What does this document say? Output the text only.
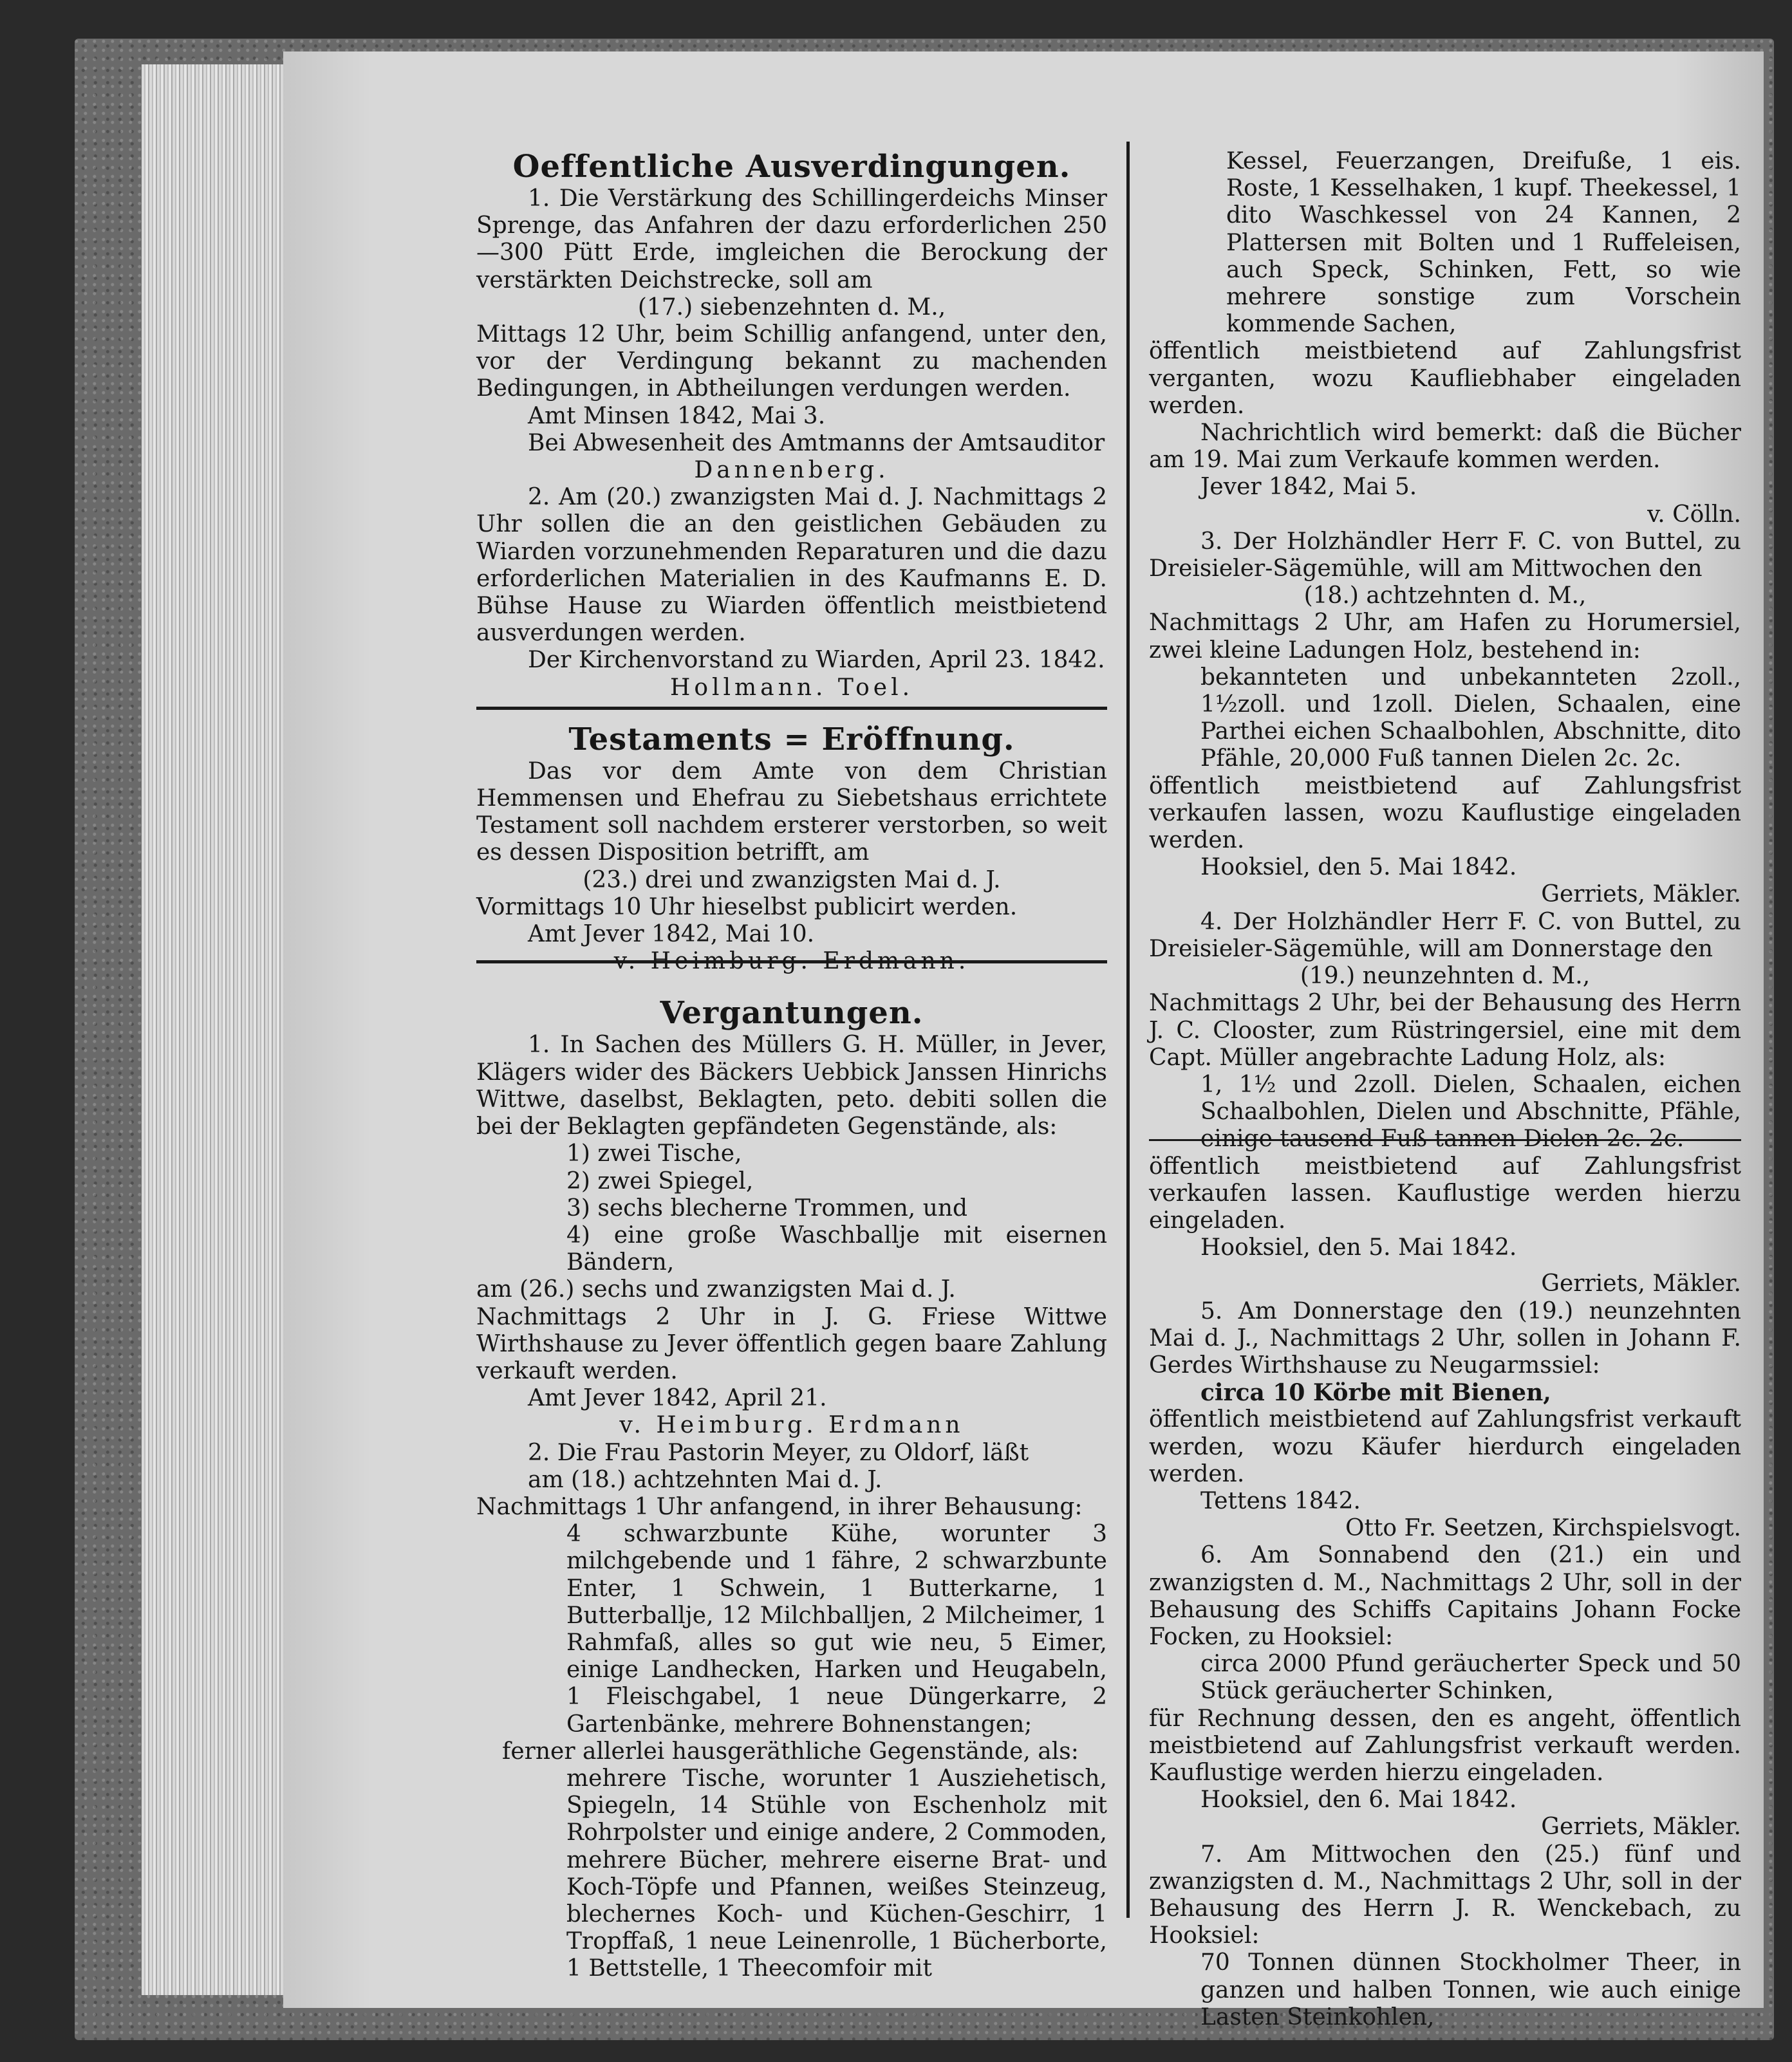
Oeffentliche Ausverdingungen.

1. Die Verstärkung des Schillingerdeichs Minser Sprenge, das Anfahren der dazu erforderlichen 250—300 Pütt Erde, imgleichen die Berockung der verstärkten Deichstrecke, soll am

(17.) siebenzehnten d. M.,

Mittags 12 Uhr, beim Schillig anfangend, unter den, vor der Verdingung bekannt zu machenden Bedingungen, in Abtheilungen verdungen werden.

Amt Minsen 1842, Mai 3.

Bei Abwesenheit des Amtmanns der Amtsauditor

Dannenberg.

2. Am (20.) zwanzigsten Mai d. J. Nachmittags 2 Uhr sollen die an den geistlichen Gebäuden zu Wiarden vorzunehmenden Reparaturen und die dazu erforderlichen Materialien in des Kaufmanns E. D. Bühse Hause zu Wiarden öffentlich meistbietend ausverdungen werden.

Der Kirchenvorstand zu Wiarden, April 23. 1842.

Hollmann. Toel.

Testaments = Eröffnung.

Das vor dem Amte von dem Christian Hemmensen und Ehefrau zu Siebetshaus errichtete Testament soll nachdem ersterer verstorben, so weit es dessen Disposition betrifft, am

(23.) drei und zwanzigsten Mai d. J.

Vormittags 10 Uhr hieselbst publicirt werden.

Amt Jever 1842, Mai 10.

v. Heimburg. Erdmann.

Vergantungen.

1. In Sachen des Müllers G. H. Müller, in Jever, Klägers wider des Bäckers Uebbick Janssen Hinrichs Wittwe, daselbst, Beklagten, peto. debiti sollen die bei der Beklagten gepfändeten Gegenstände, als:

1) zwei Tische,

2) zwei Spiegel,

3) sechs blecherne Trommen, und

4) eine große Waschballje mit eisernen Bändern,

am (26.) sechs und zwanzigsten Mai d. J.

Nachmittags 2 Uhr in J. G. Friese Wittwe Wirthshause zu Jever öffentlich gegen baare Zahlung verkauft werden.

Amt Jever 1842, April 21.

v. Heimburg. Erdmann

2. Die Frau Pastorin Meyer, zu Oldorf, läßt

am (18.) achtzehnten Mai d. J.

Nachmittags 1 Uhr anfangend, in ihrer Behausung:

4 schwarzbunte Kühe, worunter 3 milchgebende und 1 fähre, 2 schwarzbunte Enter, 1 Schwein, 1 Butterkarne, 1 Butterballje, 12 Milchballjen, 2 Milcheimer, 1 Rahmfaß, alles so gut wie neu, 5 Eimer, einige Landhecken, Harken und Heugabeln, 1 Fleischgabel, 1 neue Düngerkarre, 2 Gartenbänke, mehrere Bohnenstangen;

ferner allerlei hausgeräthliche Gegenstände, als:

mehrere Tische, worunter 1 Ausziehetisch, Spiegeln, 14 Stühle von Eschenholz mit Rohrpolster und einige andere, 2 Commoden, mehrere Bücher, mehrere eiserne Brat- und Koch-Töpfe und Pfannen, weißes Steinzeug, blechernes Koch- und Küchen-Geschirr, 1 Tropffaß, 1 neue Leinenrolle, 1 Bücherborte, 1 Bettstelle, 1 Theecomfoir mit

Kessel, Feuerzangen, Dreifuße, 1 eis. Roste, 1 Kesselhaken, 1 kupf. Theekessel, 1 dito Waschkessel von 24 Kannen, 2 Plattersen mit Bolten und 1 Ruffeleisen, auch Speck, Schinken, Fett, so wie mehrere sonstige zum Vorschein kommende Sachen,

öffentlich meistbietend auf Zahlungsfrist verganten, wozu Kaufliebhaber eingeladen werden.

Nachrichtlich wird bemerkt: daß die Bücher am 19. Mai zum Verkaufe kommen werden.

Jever 1842, Mai 5.

v. Cölln.

3. Der Holzhändler Herr F. C. von Buttel, zu Dreisieler-Sägemühle, will am Mittwochen den

(18.) achtzehnten d. M.,

Nachmittags 2 Uhr, am Hafen zu Horumersiel, zwei kleine Ladungen Holz, bestehend in:

bekannteten und unbekannteten 2zoll., 1½zoll. und 1zoll. Dielen, Schaalen, eine Parthei eichen Schaalbohlen, Abschnitte, dito Pfähle, 20,000 Fuß tannen Dielen 2c. 2c.

öffentlich meistbietend auf Zahlungsfrist verkaufen lassen, wozu Kauflustige eingeladen werden.

Hooksiel, den 5. Mai 1842.

Gerriets, Mäkler.

4. Der Holzhändler Herr F. C. von Buttel, zu Dreisieler-Sägemühle, will am Donnerstage den

(19.) neunzehnten d. M.,

Nachmittags 2 Uhr, bei der Behausung des Herrn J. C. Clooster, zum Rüstringersiel, eine mit dem Capt. Müller angebrachte Ladung Holz, als:

1, 1½ und 2zoll. Dielen, Schaalen, eichen Schaalbohlen, Dielen und Abschnitte, Pfähle, einige tausend Fuß tannen Dielen 2c. 2c.

öffentlich meistbietend auf Zahlungsfrist verkaufen lassen. Kauflustige werden hierzu eingeladen.

Hooksiel, den 5. Mai 1842.

Gerriets, Mäkler.

5. Am Donnerstage den (19.) neunzehnten Mai d. J., Nachmittags 2 Uhr, sollen in Johann F. Gerdes Wirthshause zu Neugarmssiel:

circa 10 Körbe mit Bienen,

öffentlich meistbietend auf Zahlungsfrist verkauft werden, wozu Käufer hierdurch eingeladen werden.

Tettens 1842.

Otto Fr. Seetzen, Kirchspielsvogt.

6. Am Sonnabend den (21.) ein und zwanzigsten d. M., Nachmittags 2 Uhr, soll in der Behausung des Schiffs Capitains Johann Focke Focken, zu Hooksiel:

circa 2000 Pfund geräucherter Speck und 50 Stück geräucherter Schinken,

für Rechnung dessen, den es angeht, öffentlich meistbietend auf Zahlungsfrist verkauft werden. Kauflustige werden hierzu eingeladen.

Hooksiel, den 6. Mai 1842.

Gerriets, Mäkler.

7. Am Mittwochen den (25.) fünf und zwanzigsten d. M., Nachmittags 2 Uhr, soll in der Behausung des Herrn J. R. Wenckebach, zu Hooksiel:

70 Tonnen dünnen Stockholmer Theer, in ganzen und halben Tonnen, wie auch einige Lasten Steinkohlen,
